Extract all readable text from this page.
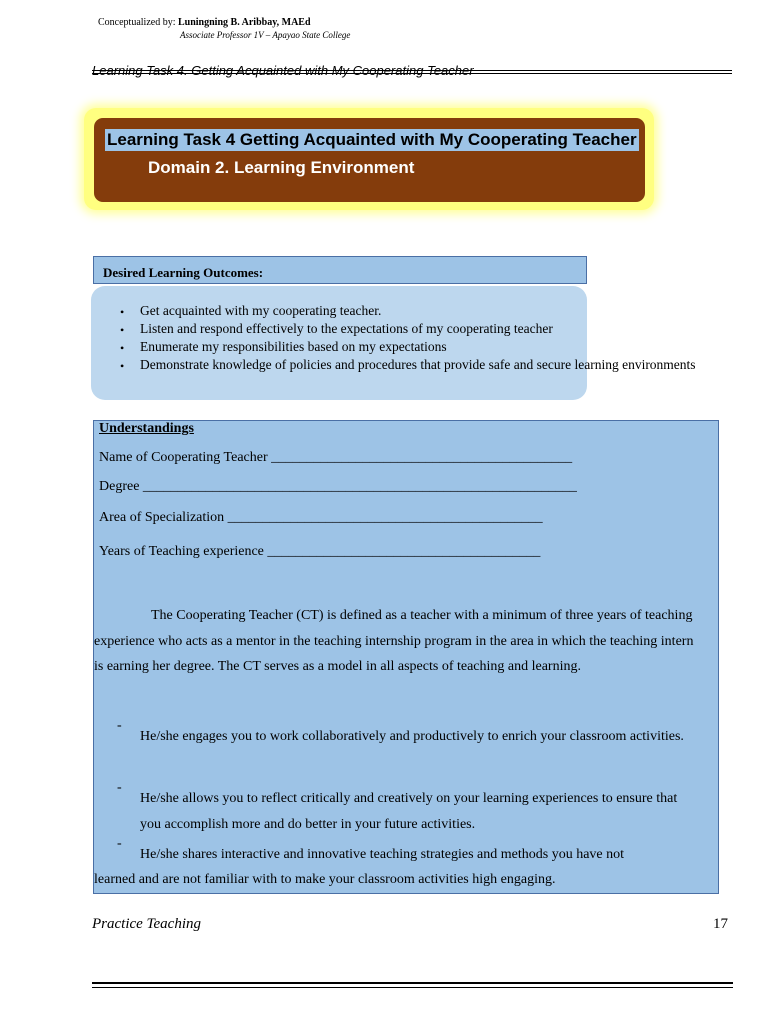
Conceptualized by: Luningning B. Aribbay, MAEd
Associate Professor 1V – Apayao State College
Learning Task 4 Getting Acquainted with My Cooperating Teacher
Domain 2. Learning Environment
Desired Learning Outcomes:
• Get acquainted with my cooperating teacher.
• Listen and respond effectively to the expectations of my cooperating teacher
• Enumerate my responsibilities based on my expectations
• Demonstrate knowledge of policies and procedures that provide safe and secure learning environments
Understandings
Name of Cooperating Teacher ___________________________________________
Degree ______________________________________________________________
Area of Specialization _____________________________________________
Years of Teaching experience _______________________________________
The Cooperating Teacher (CT) is defined as a teacher with a minimum of three years of teaching experience who acts as a mentor in the teaching internship program in the area in which the teaching intern is earning her degree. The CT serves as a model in all aspects of teaching and learning.
-
He/she engages you to work collaboratively and productively to enrich your classroom activities.
-
He/she allows you to reflect critically and creatively on your learning experiences to ensure that you accomplish more and do better in your future activities.
-
He/she shares interactive and innovative teaching strategies and methods you have not
learned and are not familiar with to make your classroom activities high engaging.
Practice Teaching	17
